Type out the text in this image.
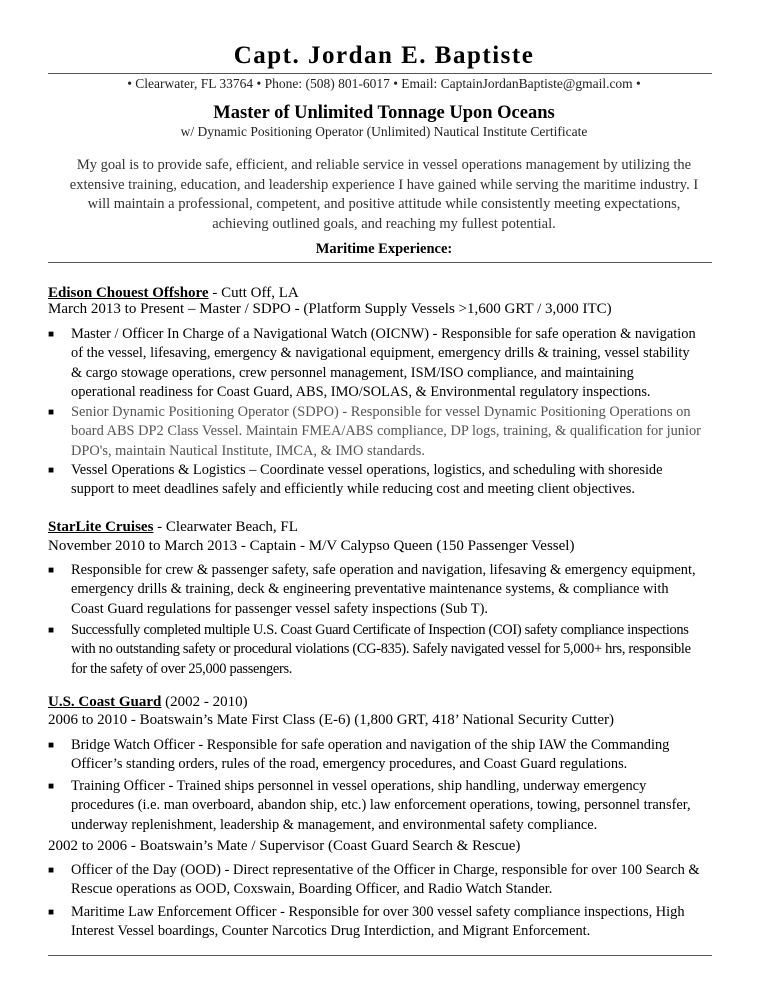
Capt. Jordan E. Baptiste
• Clearwater, FL 33764 • Phone: (508) 801-6017 • Email: CaptainJordanBaptiste@gmail.com •
Master of Unlimited Tonnage Upon Oceans
w/ Dynamic Positioning Operator (Unlimited) Nautical Institute Certificate
My goal is to provide safe, efficient, and reliable service in vessel operations management by utilizing the extensive training, education, and leadership experience I have gained while serving the maritime industry. I will maintain a professional, competent, and positive attitude while consistently meeting expectations, achieving outlined goals, and reaching my fullest potential.
Maritime Experience:
Edison Chouest Offshore - Cutt Off, LA
March 2013 to Present – Master / SDPO - (Platform Supply Vessels >1,600 GRT / 3,000 ITC)
■ Master / Officer In Charge of a Navigational Watch (OICNW) - Responsible for safe operation & navigation of the vessel, lifesaving, emergency & navigational equipment, emergency drills & training, vessel stability & cargo stowage operations, crew personnel management, ISM/ISO compliance, and maintaining operational readiness for Coast Guard, ABS, IMO/SOLAS, & Environmental regulatory inspections.
■ Senior Dynamic Positioning Operator (SDPO) - Responsible for vessel Dynamic Positioning Operations on board ABS DP2 Class Vessel. Maintain FMEA/ABS compliance, DP logs, training, & qualification for junior DPO's, maintain Nautical Institute, IMCA, & IMO standards.
■ Vessel Operations & Logistics – Coordinate vessel operations, logistics, and scheduling with shoreside support to meet deadlines safely and efficiently while reducing cost and meeting client objectives.
StarLite Cruises - Clearwater Beach, FL
November 2010 to March 2013 - Captain - M/V Calypso Queen (150 Passenger Vessel)
■ Responsible for crew & passenger safety, safe operation and navigation, lifesaving & emergency equipment, emergency drills & training, deck & engineering preventative maintenance systems, & compliance with Coast Guard regulations for passenger vessel safety inspections (Sub T).
■ Successfully completed multiple U.S. Coast Guard Certificate of Inspection (COI) safety compliance inspections with no outstanding safety or procedural violations (CG-835). Safely navigated vessel for 5,000+ hrs, responsible for the safety of over 25,000 passengers.
U.S. Coast Guard (2002 - 2010)
2006 to 2010 - Boatswain’s Mate First Class (E-6) (1,800 GRT, 418’ National Security Cutter)
■ Bridge Watch Officer - Responsible for safe operation and navigation of the ship IAW the Commanding Officer’s standing orders, rules of the road, emergency procedures, and Coast Guard regulations.
■ Training Officer - Trained ships personnel in vessel operations, ship handling, underway emergency procedures (i.e. man overboard, abandon ship, etc.) law enforcement operations, towing, personnel transfer, underway replenishment, leadership & management, and environmental safety compliance.
2002 to 2006 - Boatswain’s Mate / Supervisor (Coast Guard Search & Rescue)
■ Officer of the Day (OOD) - Direct representative of the Officer in Charge, responsible for over 100 Search & Rescue operations as OOD, Coxswain, Boarding Officer, and Radio Watch Stander.
■ Maritime Law Enforcement Officer - Responsible for over 300 vessel safety compliance inspections, High Interest Vessel boardings, Counter Narcotics Drug Interdiction, and Migrant Enforcement.
